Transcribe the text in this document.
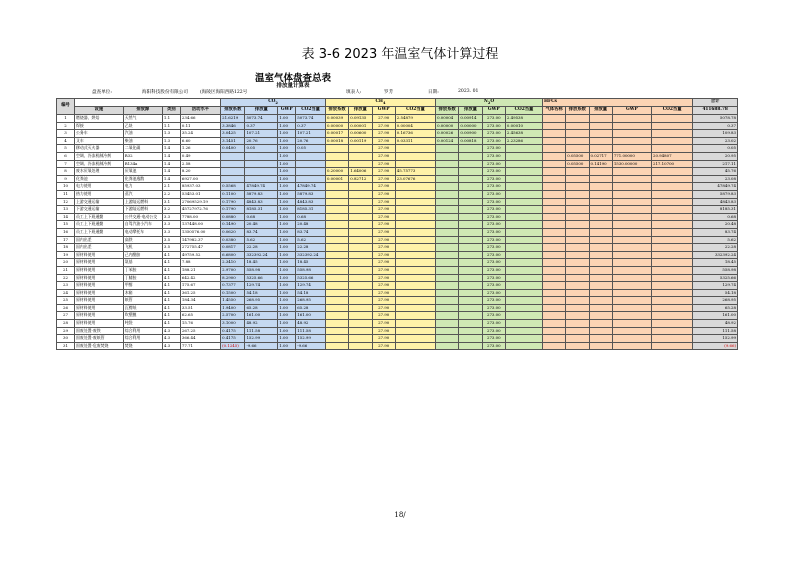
表 3-6 2023 年温室气体计算过程
温室气体盘查总表
排放量计算表
盘查单位:	海阳科技股份有限公司	(海陵区海阳西路122号	填表人:	罗芳	日期:	2023. 01
编号					$CO_2$				$CH_4$				$N_2O$				HFCs					合计
	设施	排放源	类别	活动水平	排放系数	排放量	GWP	CO2当量	排放系数	排放量	GWP	CO2当量	排放系数	排放量	GWP	CO2当量	气体名称	排放系数	排放量	GWP	CO2当量	411688.78
1	燃烧器、烘焙	天然气	1.1	234.66	21.6219	5073.74	1.00	5073.74	0.00039	0.09135	27.90	2.54879	0.00004	0.00914	273.00	2.49538						5078.78
2	焊接	乙炔	1.1	0.11	3.3846	0.37	1.00	0.37	0.00000	0.00001	27.90	0.00004	0.00000	0.00000	273.00	0.00010						0.37
3	公务车	汽油	1.3	35.24	3.0425	107.21	1.00	107.21	0.00017	0.00600	27.90	0.16736	0.00026	0.00900	273.00	2.45638						109.83
4	叉车	柴油	1.3	6.60	3.1451	20.76	1.00	20.76	0.00018	0.00119	27.90	0.03311	0.00124	0.00818	273.00	2.23286						23.02
5	移动式灭火器	二氧化碳	1.4	1.26	0.0400	0.05	1.00	0.05			27.90				273.00							0.05
6	空调、冷冻机制冷剂	R32	1.4	0.49			1.00				27.90				273.00			0.05500	0.02717	771.00000	20.94807	20.95
7	空调、冷冻机制冷剂	R134a	1.4	2.58			1.00				27.90				273.00			0.05500	0.14190	1530.00000	217.10700	217.11
8	废水厌氧处理	厌氧池	1.4	8.20			1.00		0.20000	1.64006	27.90	45.75773			273.00							45.76
9	化粪池	化粪池逸散	1.4	6927.00			1.00		0.00001	0.82712	27.90	23.07676			273.00							23.08
10	电力使用	电力	2.1	85937.03	0.5568	47849.74	1.00	47849.74			27.90				273.00							47849.74
11	热力使用	蒸汽	2.2	53453.01	0.1100	5879.83	1.00	5879.83			27.90				273.00							5879.83
12	上游交通运输	上游陆运燃料	3.1	27069529.19	0.1790	4843.83	1.00	4843.83			27.90				273.00							4843.83
13	下游交通运输	下游陆运燃料	3.2	45727972.76	0.1790	8185.31	1.00	8185.31			27.90				273.00							8185.31
14	员工上下班通勤	公共交通-电动公交	3.3	7788.00	0.0880	0.68	1.00	0.68			27.90				273.00							0.68
15	员工上下班通勤	自驾汽油小汽车	3.3	137448.00	0.1490	20.48	1.00	20.48			27.90				273.00							20.48
16	员工上下班通勤	电动摩托车	3.3	1350576.00	0.0620	83.74	1.00	83.74			27.90				273.00							83.74
17	国内出差	高铁	3.5	147982.37	0.0380	5.62	1.00	5.62			27.90				273.00							5.62
18	国内出差	飞机	3.5	272755.47	0.0817	22.28	1.00	22.28			27.90				273.00							22.28
19	原材料使用	己内酰胺	4.1	49759.52	6.6800	332392.24	1.00	332392.24			27.90				273.00							332392.24
20	原材料使用	氨基	4.1	7.88	2.3410	18.45	1.00	18.45			27.90				273.00							18.45
21	原材料使用	丁苯胶	4.1	188.21	2.9700	558.98	1.00	558.98			27.90				273.00							558.98
22	原材料使用	丁腈胶	4.1	642.42	8.2900	5325.66	1.00	5325.66			27.90				273.00							5325.66
23	原材料使用	甲醇	4.1	175.67	0.7377	129.74	1.00	129.74			27.90				273.00							129.74
24	原材料使用	木箱	4.1	361.25	0.1500	54.18	1.00	54.18			27.90				273.00							54.18
25	原材料使用	纸管	4.1	184.34	1.4550	268.95	1.00	268.95			27.90				273.00							268.95
26	原材料使用	瓦楞纸	4.1	33.51	1.9400	65.28	1.00	65.28			27.90				273.00							65.28
27	原材料使用	吹塑膜	4.1	62.65	2.5700	161.00	1.00	161.00			27.90				273.00							161.00
28	原材料使用	吨袋	4.1	15.76	3.1000	48.92	1.00	48.92			27.90				273.00							48.92
29	固废处置-废铁	综合利用	4.3	267.25	0.4175	111.58	1.00	111.58			27.90				273.00							111.58
30	固废处置-废纸管	综合利用	4.3	366.44	0.4175	152.99	1.00	152.99			27.90				273.00							152.99
31	固废处置-危废焚烧	焚烧	4.3	77.71	(0.1245)	-9.66	1.00	-9.66			27.90				273.00							(9.66)
18/
